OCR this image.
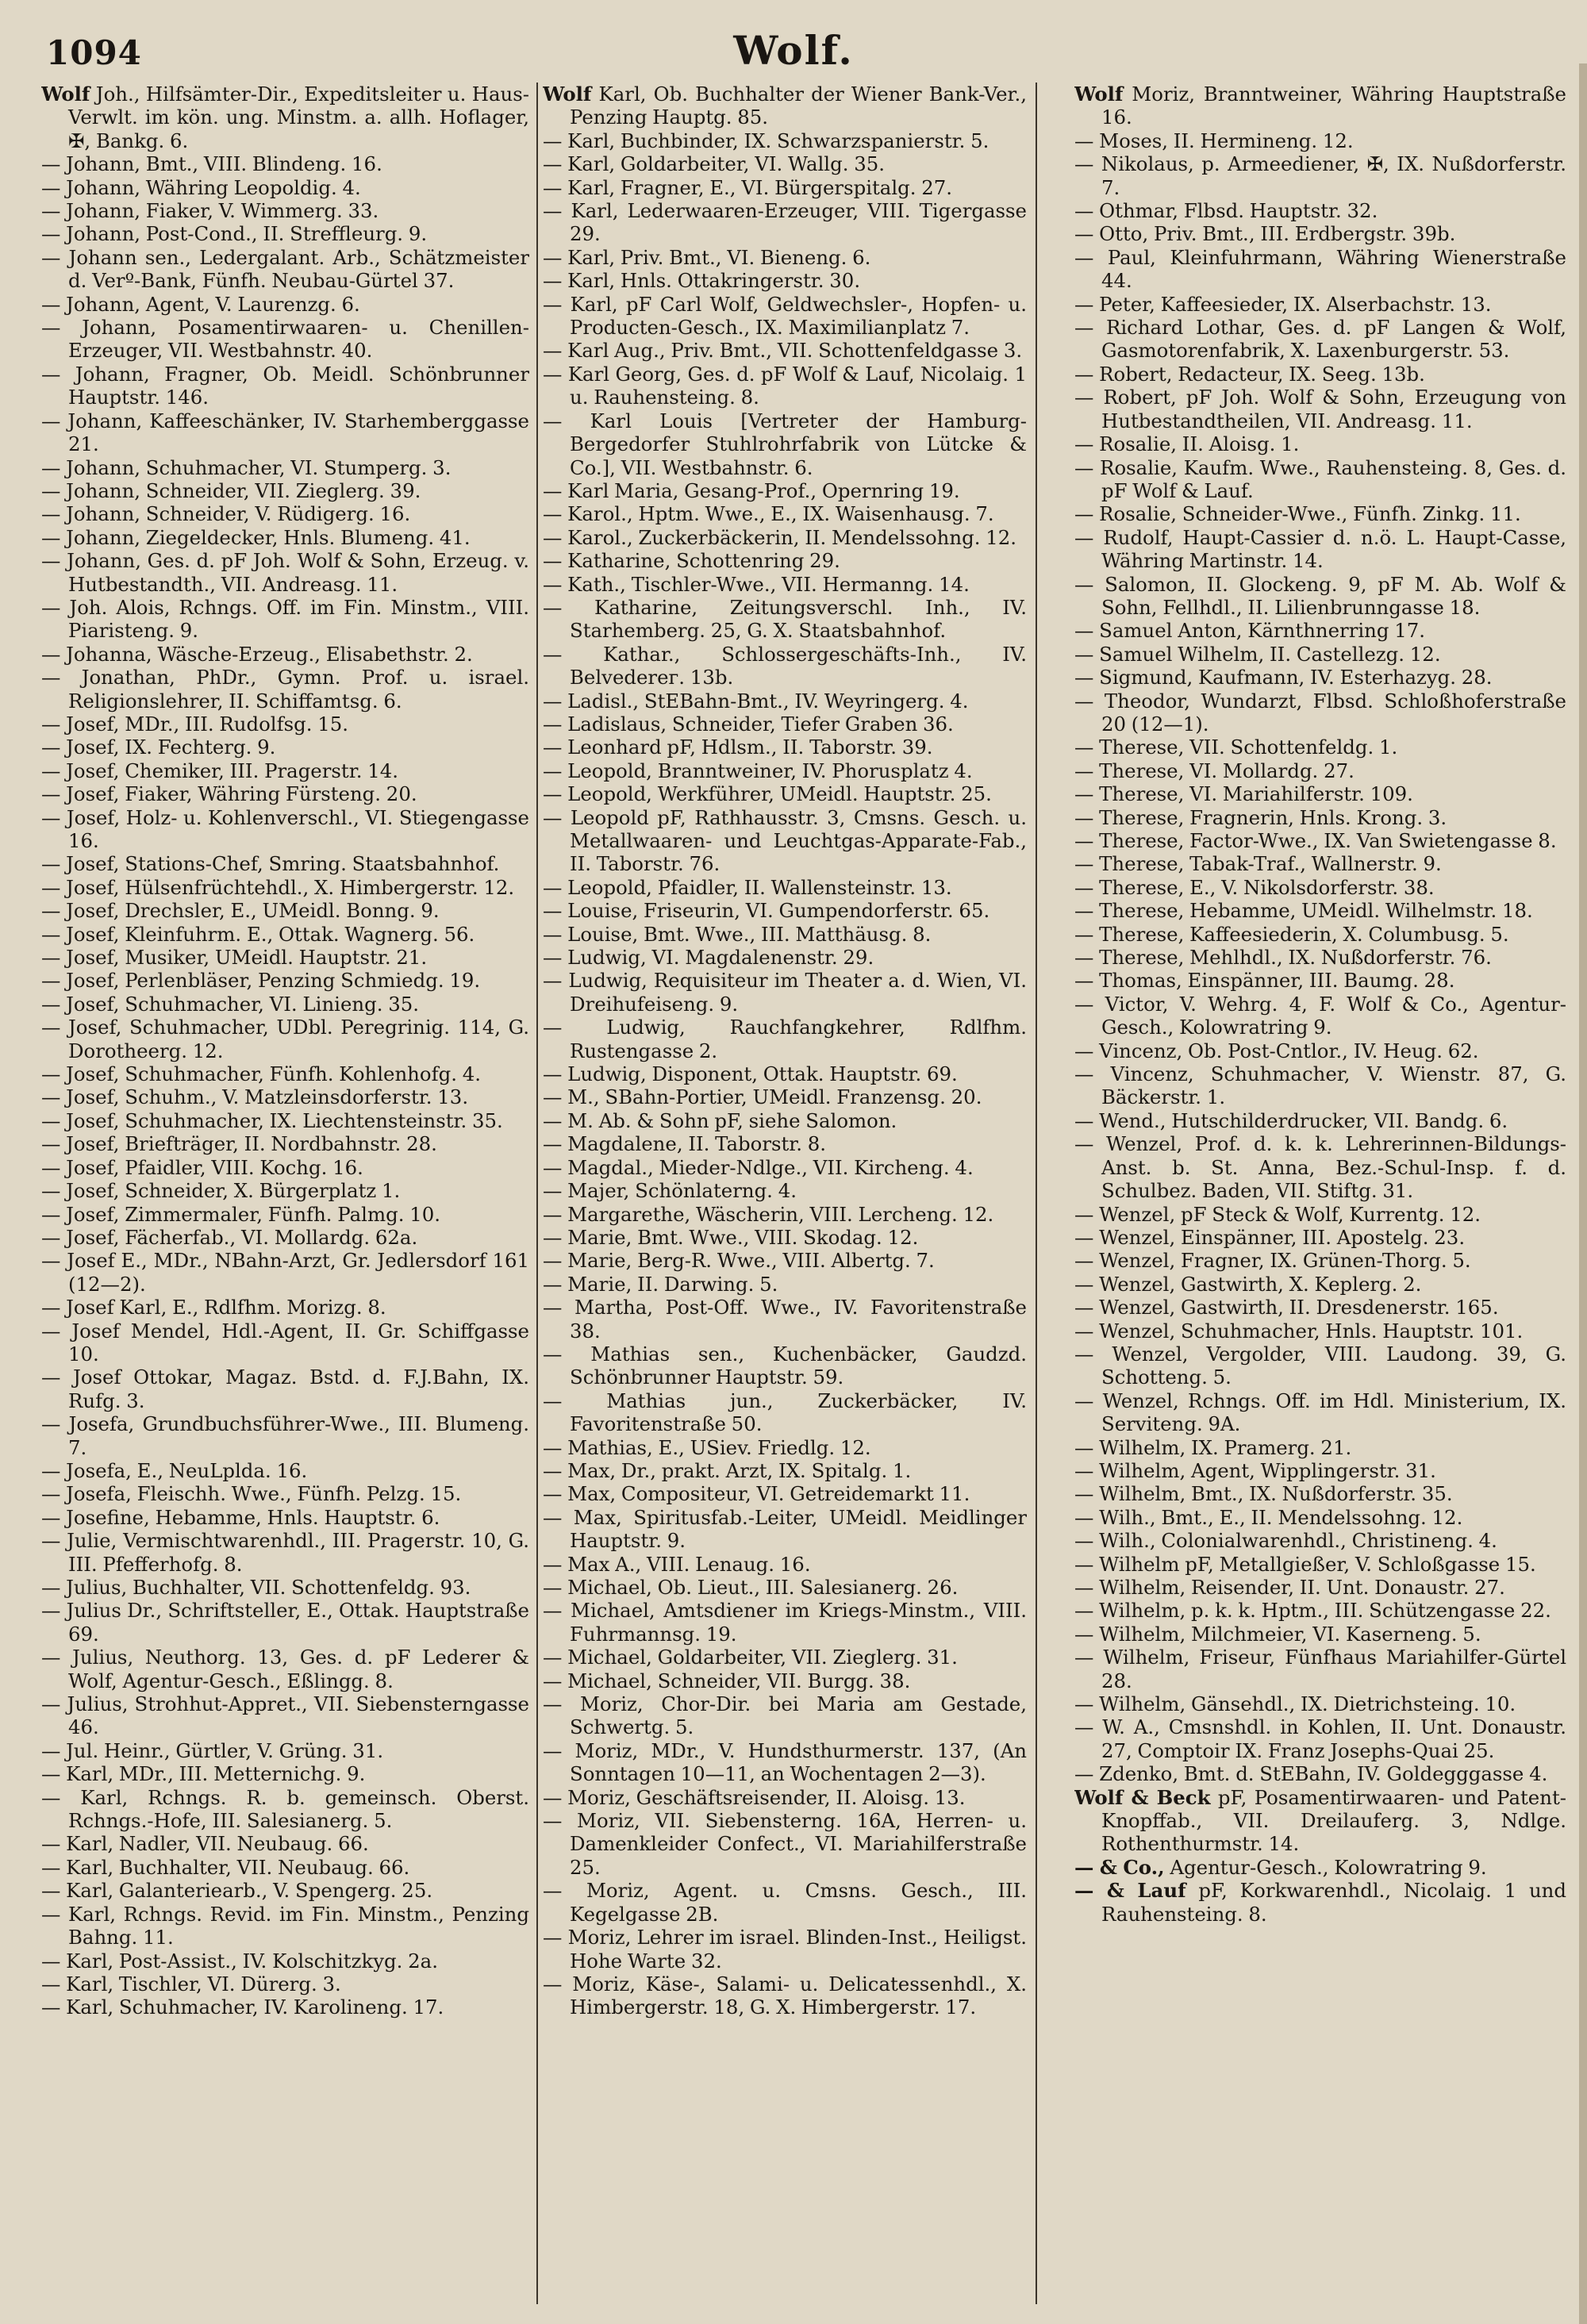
1094	Wolf.
Wolf Joh., Hilfsämter-Dir., Expeditsleiter u. Haus-Verwlt. im kön. ung. Minstm. a. allh. Hoflager, ✠, Bankg. 6.
— Johann, Bmt., VIII. Blindeng. 16.
— Johann, Währing Leopoldig. 4.
— Johann, Fiaker, V. Wimmerg. 33.
— Johann, Post-Cond., II. Streffleurg. 9.
— Johann sen., Ledergalant. Arb., Schätzmeister d. Verº-Bank, Fünfh. Neubau-Gürtel 37.
— Johann, Agent, V. Laurenzg. 6.
— Johann, Posamentirwaaren- u. Chenillen-Erzeuger, VII. Westbahnstr. 40.
— Johann, Fragner, Ob. Meidl. Schönbrunner Hauptstr. 146.
— Johann, Kaffeeschänker, IV. Starhemberggasse 21.
— Johann, Schuhmacher, VI. Stumperg. 3.
— Johann, Schneider, VII. Zieglerg. 39.
— Johann, Schneider, V. Rüdigerg. 16.
— Johann, Ziegeldecker, Hnls. Blumeng. 41.
— Johann, Ges. d. pF Joh. Wolf & Sohn, Erzeug. v. Hutbestandth., VII. Andreasg. 11.
— Joh. Alois, Rchngs. Off. im Fin. Minstm., VIII. Piaristeng. 9.
— Johanna, Wäsche-Erzeug., Elisabethstr. 2.
— Jonathan, PhDr., Gymn. Prof. u. israel. Religionslehrer, II. Schiffamtsg. 6.
— Josef, MDr., III. Rudolfsg. 15.
— Josef, IX. Fechterg. 9.
— Josef, Chemiker, III. Pragerstr. 14.
— Josef, Fiaker, Währing Fürsteng. 20.
— Josef, Holz- u. Kohlenverschl., VI. Stiegengasse 16.
— Josef, Stations-Chef, Smring. Staatsbahnhof.
— Josef, Hülsenfrüchtehdl., X. Himbergerstr. 12.
— Josef, Drechsler, E., UMeidl. Bonng. 9.
— Josef, Kleinfuhrm. E., Ottak. Wagnerg. 56.
— Josef, Musiker, UMeidl. Hauptstr. 21.
— Josef, Perlenbläser, Penzing Schmiedg. 19.
— Josef, Schuhmacher, VI. Linieng. 35.
— Josef, Schuhmacher, UDbl. Peregrinig. 114, G. Dorotheerg. 12.
— Josef, Schuhmacher, Fünfh. Kohlenhofg. 4.
— Josef, Schuhm., V. Matzleinsdorferstr. 13.
— Josef, Schuhmacher, IX. Liechtensteinstr. 35.
— Josef, Briefträger, II. Nordbahnstr. 28.
— Josef, Pfaidler, VIII. Kochg. 16.
— Josef, Schneider, X. Bürgerplatz 1.
— Josef, Zimmermaler, Fünfh. Palmg. 10.
— Josef, Fächerfab., VI. Mollardg. 62a.
— Josef E., MDr., NBahn-Arzt, Gr. Jedlersdorf 161 (12—2).
— Josef Karl, E., Rdlfhm. Morizg. 8.
— Josef Mendel, Hdl.-Agent, II. Gr. Schiffgasse 10.
— Josef Ottokar, Magaz. Bstd. d. F.J.Bahn, IX. Rufg. 3.
— Josefa, Grundbuchsführer-Wwe., III. Blumeng. 7.
— Josefa, E., NeuLplda. 16.
— Josefa, Fleischh. Wwe., Fünfh. Pelzg. 15.
— Josefine, Hebamme, Hnls. Hauptstr. 6.
— Julie, Vermischtwarenhdl., III. Pragerstr. 10, G. III. Pfefferhofg. 8.
— Julius, Buchhalter, VII. Schottenfeldg. 93.
— Julius Dr., Schriftsteller, E., Ottak. Hauptstraße 69.
— Julius, Neuthorg. 13, Ges. d. pF Lederer & Wolf, Agentur-Gesch., Eßlingg. 8.
— Julius, Strohhut-Appret., VII. Siebensterngasse 46.
— Jul. Heinr., Gürtler, V. Grüng. 31.
— Karl, MDr., III. Metternichg. 9.
— Karl, Rchngs. R. b. gemeinsch. Oberst. Rchngs.-Hofe, III. Salesianerg. 5.
— Karl, Nadler, VII. Neubaug. 66.
— Karl, Buchhalter, VII. Neubaug. 66.
— Karl, Galanteriearb., V. Spengerg. 25.
— Karl, Rchngs. Revid. im Fin. Minstm., Penzing Bahng. 11.
— Karl, Post-Assist., IV. Kolschitzkyg. 2a.
— Karl, Tischler, VI. Dürerg. 3.
— Karl, Schuhmacher, IV. Karolineng. 17.
Wolf Karl, Ob. Buchhalter der Wiener Bank-Ver., Penzing Hauptg. 85.
— Karl, Buchbinder, IX. Schwarzspanierstr. 5.
— Karl, Goldarbeiter, VI. Wallg. 35.
— Karl, Fragner, E., VI. Bürgerspitalg. 27.
— Karl, Lederwaaren-Erzeuger, VIII. Tigergasse 29.
— Karl, Priv. Bmt., VI. Bieneng. 6.
— Karl, Hnls. Ottakringerstr. 30.
— Karl, pF Carl Wolf, Geldwechsler-, Hopfen- u. Producten-Gesch., IX. Maximilianplatz 7.
— Karl Aug., Priv. Bmt., VII. Schottenfeldgasse 3.
— Karl Georg, Ges. d. pF Wolf & Lauf, Nicolaig. 1 u. Rauhensteing. 8.
— Karl Louis [Vertreter der Hamburg-Bergedorfer Stuhlrohrfabrik von Lütcke & Co.], VII. Westbahnstr. 6.
— Karl Maria, Gesang-Prof., Opernring 19.
— Karol., Hptm. Wwe., E., IX. Waisenhausg. 7.
— Karol., Zuckerbäckerin, II. Mendelssohng. 12.
— Katharine, Schottenring 29.
— Kath., Tischler-Wwe., VII. Hermanng. 14.
— Katharine, Zeitungsverschl. Inh., IV. Starhemberg. 25, G. X. Staatsbahnhof.
— Kathar., Schlossergeschäfts-Inh., IV. Belvederег. 13b.
— Ladisl., StEBahn-Bmt., IV. Weyringerg. 4.
— Ladislaus, Schneider, Tiefer Graben 36.
— Leonhard pF, Hdlsm., II. Taborstr. 39.
— Leopold, Branntweiner, IV. Phorusplatz 4.
— Leopold, Werkführer, UMeidl. Hauptstr. 25.
— Leopold pF, Rathhausstr. 3, Cmsns. Gesch. u. Metallwaaren- und Leuchtgas-Apparate-Fab., II. Taborstr. 76.
— Leopold, Pfaidler, II. Wallensteinstr. 13.
— Louise, Friseurin, VI. Gumpendorferstr. 65.
— Louise, Bmt. Wwe., III. Matthäusg. 8.
— Ludwig, VI. Magdalenenstr. 29.
— Ludwig, Requisiteur im Theater a. d. Wien, VI. Dreihufeiseng. 9.
— Ludwig, Rauchfangkehrer, Rdlfhm. Rustengasse 2.
— Ludwig, Disponent, Ottak. Hauptstr. 69.
— M., SBahn-Portier, UMeidl. Franzensg. 20.
— M. Ab. & Sohn pF, siehe Salomon.
— Magdalene, II. Taborstr. 8.
— Magdal., Mieder-Ndlge., VII. Kircheng. 4.
— Majer, Schönlaterng. 4.
— Margarethe, Wäscherin, VIII. Lercheng. 12.
— Marie, Bmt. Wwe., VIII. Skodag. 12.
— Marie, Berg-R. Wwe., VIII. Albertg. 7.
— Marie, II. Darwing. 5.
— Martha, Post-Off. Wwe., IV. Favoritenstraße 38.
— Mathias sen., Kuchenbäcker, Gaudzd. Schönbrunner Hauptstr. 59.
— Mathias jun., Zuckerbäcker, IV. Favoritenstraße 50.
— Mathias, E., USiev. Friedlg. 12.
— Max, Dr., prakt. Arzt, IX. Spitalg. 1.
— Max, Compositeur, VI. Getreidemarkt 11.
— Max, Spiritusfab.-Leiter, UMeidl. Meidlinger Hauptstr. 9.
— Max A., VIII. Lenaug. 16.
— Michael, Ob. Lieut., III. Salesianerg. 26.
— Michael, Amtsdiener im Kriegs-Minstm., VIII. Fuhrmannsg. 19.
— Michael, Goldarbeiter, VII. Zieglerg. 31.
— Michael, Schneider, VII. Burgg. 38.
— Moriz, Chor-Dir. bei Maria am Gestade, Schwertg. 5.
— Moriz, MDr., V. Hundsthurmerstr. 137, (An Sonntagen 10—11, an Wochentagen 2—3).
— Moriz, Geschäftsreisender, II. Aloisg. 13.
— Moriz, VII. Siebensterng. 16A, Herren- u. Damenkleider Confect., VI. Mariahilferstraße 25.
— Moriz, Agent. u. Cmsns. Gesch., III. Kegelgasse 2B.
— Moriz, Lehrer im israel. Blinden-Inst., Heiligst. Hohe Warte 32.
— Moriz, Käse-, Salami- u. Delicatessenhdl., X. Himbergerstr. 18, G. X. Himbergerstr. 17.
Wolf Moriz, Branntweiner, Währing Hauptstraße 16.
— Moses, II. Hermineng. 12.
— Nikolaus, p. Armeediener, ✠, IX. Nußdorferstr. 7.
— Othmar, Flbsd. Hauptstr. 32.
— Otto, Priv. Bmt., III. Erdbergstr. 39b.
— Paul, Kleinfuhrmann, Währing Wienerstraße 44.
— Peter, Kaffeesieder, IX. Alserbachstr. 13.
— Richard Lothar, Ges. d. pF Langen & Wolf, Gasmotorenfabrik, X. Laxenburgerstr. 53.
— Robert, Redacteur, IX. Seeg. 13b.
— Robert, pF Joh. Wolf & Sohn, Erzeugung von Hutbestandtheilen, VII. Andreasg. 11.
— Rosalie, II. Aloisg. 1.
— Rosalie, Kaufm. Wwe., Rauhensteing. 8, Ges. d. pF Wolf & Lauf.
— Rosalie, Schneider-Wwe., Fünfh. Zinkg. 11.
— Rudolf, Haupt-Cassier d. n.ö. L. Haupt-Casse, Währing Martinstr. 14.
— Salomon, II. Glockeng. 9, pF M. Ab. Wolf & Sohn, Fellhdl., II. Lilienbrunngasse 18.
— Samuel Anton, Kärnthnerring 17.
— Samuel Wilhelm, II. Castellezg. 12.
— Sigmund, Kaufmann, IV. Esterhazyg. 28.
— Theodor, Wundarzt, Flbsd. Schloßhoferstraße 20 (12—1).
— Therese, VII. Schottenfeldg. 1.
— Therese, VI. Mollardg. 27.
— Therese, VI. Mariahilferstr. 109.
— Therese, Fragnerin, Hnls. Krong. 3.
— Therese, Factor-Wwe., IX. Van Swietengasse 8.
— Therese, Tabak-Traf., Wallnerstr. 9.
— Therese, E., V. Nikolsdorferstr. 38.
— Therese, Hebamme, UMeidl. Wilhelmstr. 18.
— Therese, Kaffeesiederin, X. Columbusg. 5.
— Therese, Mehlhdl., IX. Nußdorferstr. 76.
— Thomas, Einspänner, III. Baumg. 28.
— Victor, V. Wehrg. 4, F. Wolf & Co., Agentur-Gesch., Kolowratring 9.
— Vincenz, Ob. Post-Cntlor., IV. Heug. 62.
— Vincenz, Schuhmacher, V. Wienstr. 87, G. Bäckerstr. 1.
— Wend., Hutschilderdrucker, VII. Bandg. 6.
— Wenzel, Prof. d. k. k. Lehrerinnen-Bildungs-Anst. b. St. Anna, Bez.-Schul-Insp. f. d. Schulbez. Baden, VII. Stiftg. 31.
— Wenzel, pF Steck & Wolf, Kurrentg. 12.
— Wenzel, Einspänner, III. Apostelg. 23.
— Wenzel, Fragner, IX. Grünen-Thorg. 5.
— Wenzel, Gastwirth, X. Keplerg. 2.
— Wenzel, Gastwirth, II. Dresdenerstr. 165.
— Wenzel, Schuhmacher, Hnls. Hauptstr. 101.
— Wenzel, Vergolder, VIII. Laudong. 39, G. Schotteng. 5.
— Wenzel, Rchngs. Off. im Hdl. Ministerium, IX. Serviteng. 9A.
— Wilhelm, IX. Pramerg. 21.
— Wilhelm, Agent, Wipplingerstr. 31.
— Wilhelm, Bmt., IX. Nußdorferstr. 35.
— Wilh., Bmt., E., II. Mendelssohng. 12.
— Wilh., Colonialwarenhdl., Christineng. 4.
— Wilhelm pF, Metallgießer, V. Schloßgasse 15.
— Wilhelm, Reisender, II. Unt. Donaustr. 27.
— Wilhelm, p. k. k. Hptm., III. Schützengasse 22.
— Wilhelm, Milchmeier, VI. Kaserneng. 5.
— Wilhelm, Friseur, Fünfhaus Mariahilfer-Gürtel 28.
— Wilhelm, Gänsehdl., IX. Dietrichsteing. 10.
— W. A., Cmsnshdl. in Kohlen, II. Unt. Donaustr. 27, Comptoir IX. Franz Josephs-Quai 25.
— Zdenko, Bmt. d. StEBahn, IV. Goldegggasse 4.
Wolf & Beck pF, Posamentirwaaren- und Patent-Knopffab., VII. Dreilauferg. 3, Ndlge. Rothenthurmstr. 14.
— & Co., Agentur-Gesch., Kolowratring 9.
— & Lauf pF, Korkwarenhdl., Nicolaig. 1 und Rauhensteing. 8.
